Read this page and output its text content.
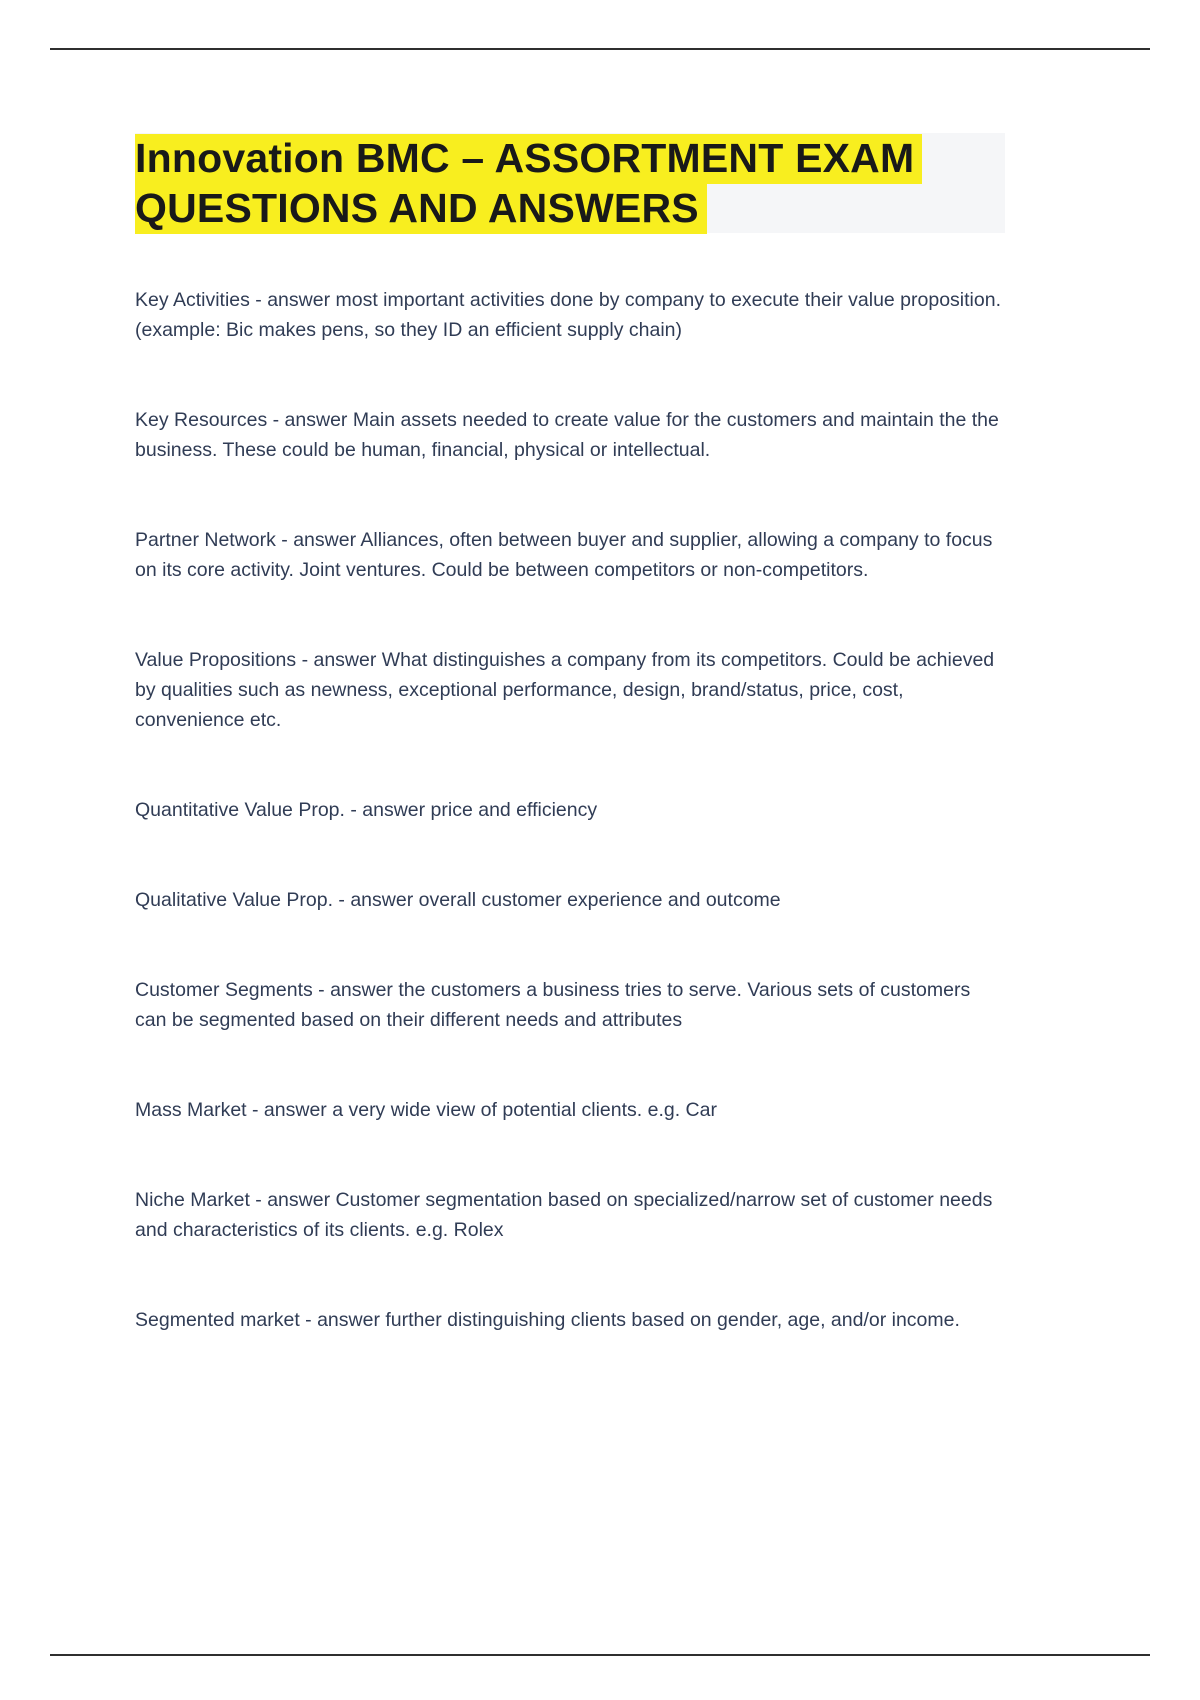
Innovation BMC – ASSORTMENT EXAM QUESTIONS AND ANSWERS

Key Activities - answer most important activities done by company to execute their value proposition. (example: Bic makes pens, so they ID an efficient supply chain)

Key Resources - answer Main assets needed to create value for the customers and maintain the the business. These could be human, financial, physical or intellectual.

Partner Network - answer Alliances, often between buyer and supplier, allowing a company to focus on its core activity. Joint ventures. Could be between competitors or non-competitors.

Value Propositions - answer What distinguishes a company from its competitors. Could be achieved by qualities such as newness, exceptional performance, design, brand/status, price, cost, convenience etc.

Quantitative Value Prop. - answer price and efficiency

Qualitative Value Prop. - answer overall customer experience and outcome

Customer Segments - answer the customers a business tries to serve. Various sets of customers can be segmented based on their different needs and attributes

Mass Market - answer a very wide view of potential clients. e.g. Car

Niche Market - answer Customer segmentation based on specialized/narrow set of customer needs and characteristics of its clients. e.g. Rolex

Segmented market - answer further distinguishing clients based on gender, age, and/or income.
